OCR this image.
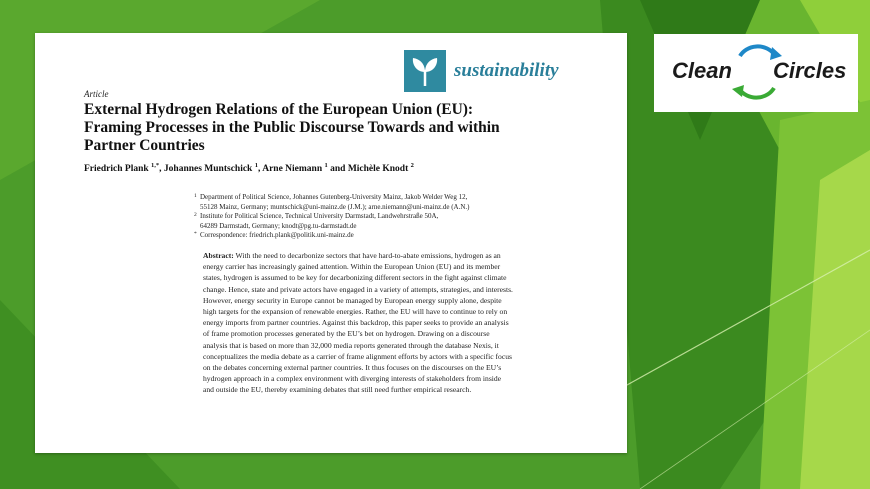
sustainability
Article
External Hydrogen Relations of the European Union (EU):
Framing Processes in the Public Discourse Towards and within
Partner Countries
Friedrich Plank $^{1,*}$, Johannes Muntschick $^1$, Arne Niemann $^1$ and Michèle Knodt $^2$
1 Department of Political Science, Johannes Gutenberg-University Mainz, Jakob Welder Weg 12,
55128 Mainz, Germany; muntschick@uni-mainz.de (J.M.); arne.niemann@uni-mainz.de (A.N.)
2 Institute for Political Science, Technical University Darmstadt, Landwehrstraße 50A,
64289 Darmstadt, Germany; knodt@pg.tu-darmstadt.de
* Correspondence: friedrich.plank@politik.uni-mainz.de
Abstract: With the need to decarbonize sectors that have hard-to-abate emissions, hydrogen as an
energy carrier has increasingly gained attention. Within the European Union (EU) and its member
states, hydrogen is assumed to be key for decarbonizing different sectors in the fight against climate
change. Hence, state and private actors have engaged in a variety of attempts, strategies, and interests.
However, energy security in Europe cannot be managed by European energy supply alone, despite
high targets for the expansion of renewable energies. Rather, the EU will have to continue to rely on
energy imports from partner countries. Against this backdrop, this paper seeks to provide an analysis
of frame promotion processes generated by the EU’s bet on hydrogen. Drawing on a discourse
analysis that is based on more than 32,000 media reports generated through the database Nexis, it
conceptualizes the media debate as a carrier of frame alignment efforts by actors with a specific focus
on the debates concerning external partner countries. It thus focuses on the discourses on the EU’s
hydrogen approach in a complex environment with diverging interests of stakeholders from inside
and outside the EU, thereby examining debates that still need further empirical research.
Clean Circles
